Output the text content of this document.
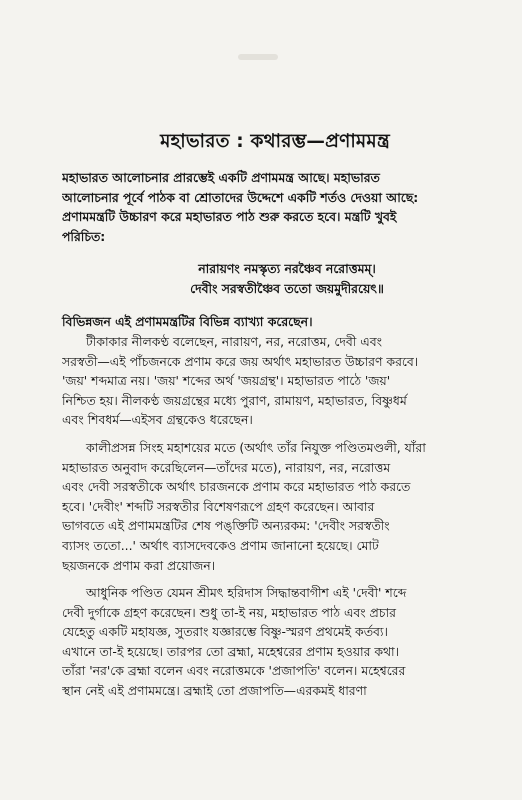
মহাভারত : কথারম্ভ—প্রণামমন্ত্র
মহাভারত আলোচনার প্রারম্ভেই একটি প্রণামমন্ত্র আছে। মহাভারত
আলোচনার পূর্বে পাঠক বা শ্রোতাদের উদ্দেশে একটি শর্তও দেওয়া আছে:
প্রণামমন্ত্রটি উচ্চারণ করে মহাভারত পাঠ শুরু করতে হবে। মন্ত্রটি খুবই
পরিচিত:
নারায়ণং নমস্কৃত্য নরঞ্চৈব নরোত্তমম্।
দেবীং সরস্বতীঞ্চৈব ততো জয়মুদীরয়েৎ॥
বিভিন্নজন এই প্রণামমন্ত্রটির বিভিন্ন ব্যাখ্যা করেছেন।
টীকাকার নীলকণ্ঠ বলেছেন, নারায়ণ, নর, নরোত্তম, দেবী এবং
সরস্বতী—এই পাঁচজনকে প্রণাম করে জয় অর্থাৎ মহাভারত উচ্চারণ করবে।
'জয়' শব্দমাত্র নয়। 'জয়' শব্দের অর্থ 'জয়গ্রন্থ'। মহাভারত পাঠে 'জয়'
নিশ্চিত হয়। নীলকণ্ঠ জয়গ্রন্থের মধ্যে পুরাণ, রামায়ণ, মহাভারত, বিষ্ণুধর্ম
এবং শিবধর্ম—এইসব গ্রন্থকেও ধরেছেন।
কালীপ্রসন্ন সিংহ মহাশয়ের মতে (অর্থাৎ তাঁর নিযুক্ত পণ্ডিতমণ্ডলী, যাঁরা
মহাভারত অনুবাদ করেছিলেন—তাঁদের মতে), নারায়ণ, নর, নরোত্তম
এবং দেবী সরস্বতীকে অর্থাৎ চারজনকে প্রণাম করে মহাভারত পাঠ করতে
হবে। 'দেবীং' শব্দটি সরস্বতীর বিশেষণরূপে গ্রহণ করেছেন। আবার
ভাগবতে এই প্রণামমন্ত্রটির শেষ পঙ্‌ক্তিটি অন্যরকম: 'দেবীং সরস্বতীং
ব্যাসং ততো...' অর্থাৎ ব্যাসদেবকেও প্রণাম জানানো হয়েছে। মোট
ছয়জনকে প্রণাম করা প্রয়োজন।
আধুনিক পণ্ডিত যেমন শ্রীমৎ হরিদাস সিদ্ধান্তবাগীশ এই 'দেবী' শব্দে
দেবী দুর্গাকে গ্রহণ করেছেন। শুধু তা-ই নয়, মহাভারত পাঠ এবং প্রচার
যেহেতু একটি মহাযজ্ঞ, সুতরাং যজ্ঞারম্ভে বিষ্ণু-স্মরণ প্রথমেই কর্তব্য।
এখানে তা-ই হয়েছে। তারপর তো ব্রহ্মা, মহেশ্বরের প্রণাম হওয়ার কথা।
তাঁরা 'নর'কে ব্রহ্মা বলেন এবং নরোত্তমকে 'প্রজাপতি' বলেন। মহেশ্বরের
স্থান নেই এই প্রণামমন্ত্রে। ব্রহ্মাই তো প্রজাপতি—এরকমই ধারণা
